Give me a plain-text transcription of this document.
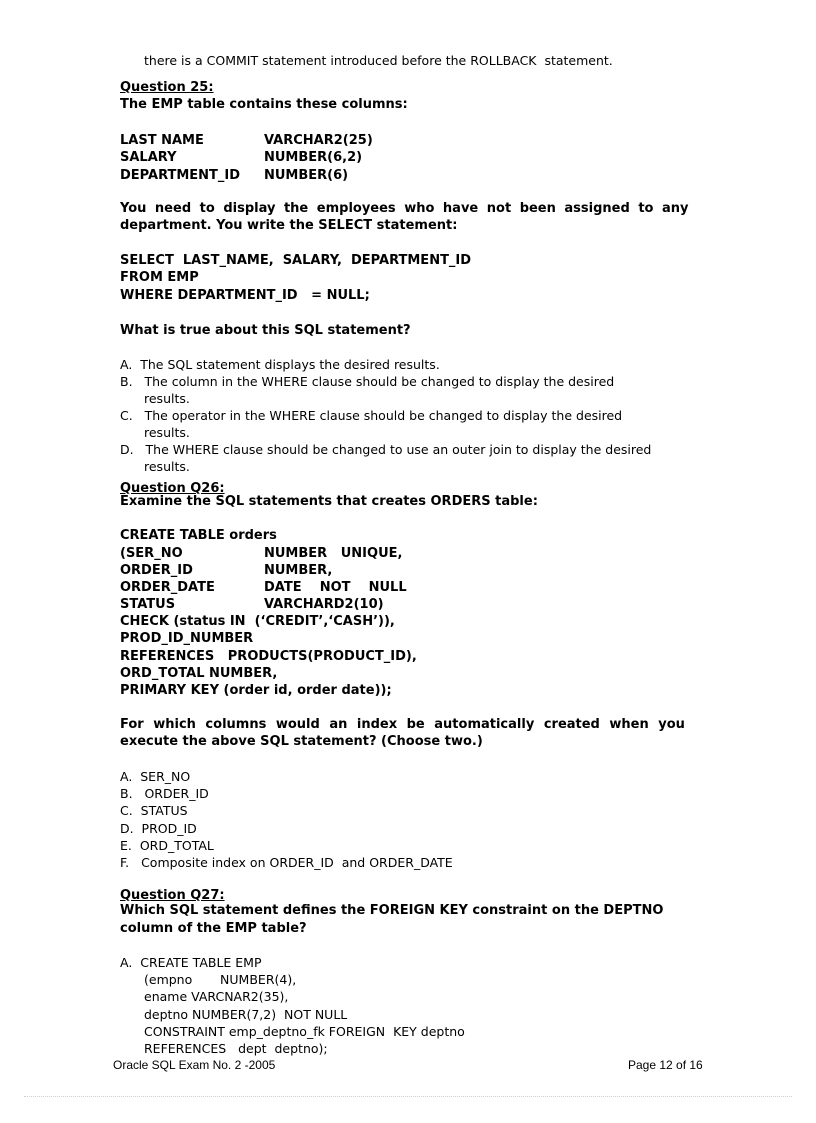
there is a COMMIT statement introduced before the ROLLBACK  statement.
Question 25:
The EMP table contains these columns:
LAST NAME	VARCHAR2(25)
SALARY	NUMBER(6,2)
DEPARTMENT_ID NUMBER(6)
You need to display the employees who have not been assigned to any
department. You write the SELECT statement:
SELECT  LAST_NAME,  SALARY,  DEPARTMENT_ID
FROM EMP
WHERE DEPARTMENT_ID   = NULL;
What is true about this SQL statement?
A.  The SQL statement displays the desired results.
B.   The column in the WHERE clause should be changed to display the desired
results.
C.   The operator in the WHERE clause should be changed to display the desired
results.
D.   The WHERE clause should be changed to use an outer join to display the desired
results.
Question Q26:
Examine the SQL statements that creates ORDERS table:
CREATE TABLE orders
(SER_NO	NUMBER   UNIQUE,
ORDER_ID	NUMBER,
ORDER_DATE	DATE    NOT    NULL
STATUS	VARCHARD2(10)
CHECK (status IN  (‘CREDIT’,‘CASH’)),
PROD_ID_NUMBER
REFERENCES   PRODUCTS(PRODUCT_ID),
ORD_TOTAL NUMBER,
PRIMARY KEY (order id, order date));
For which columns would an index be automatically created when you
execute the above SQL statement? (Choose two.)
A.  SER_NO
B.   ORDER_ID
C.  STATUS
D.  PROD_ID
E.  ORD_TOTAL
F.   Composite index on ORDER_ID  and ORDER_DATE
Question Q27:
Which SQL statement defines the FOREIGN KEY constraint on the DEPTNO
column of the EMP table?
A.  CREATE TABLE EMP
(empno       NUMBER(4),
ename VARCNAR2(35),
deptno NUMBER(7,2)  NOT NULL
CONSTRAINT emp_deptno_fk FOREIGN  KEY deptno
REFERENCES   dept  deptno);
Oracle SQL Exam No. 2 -2005	Page 12 of 16
